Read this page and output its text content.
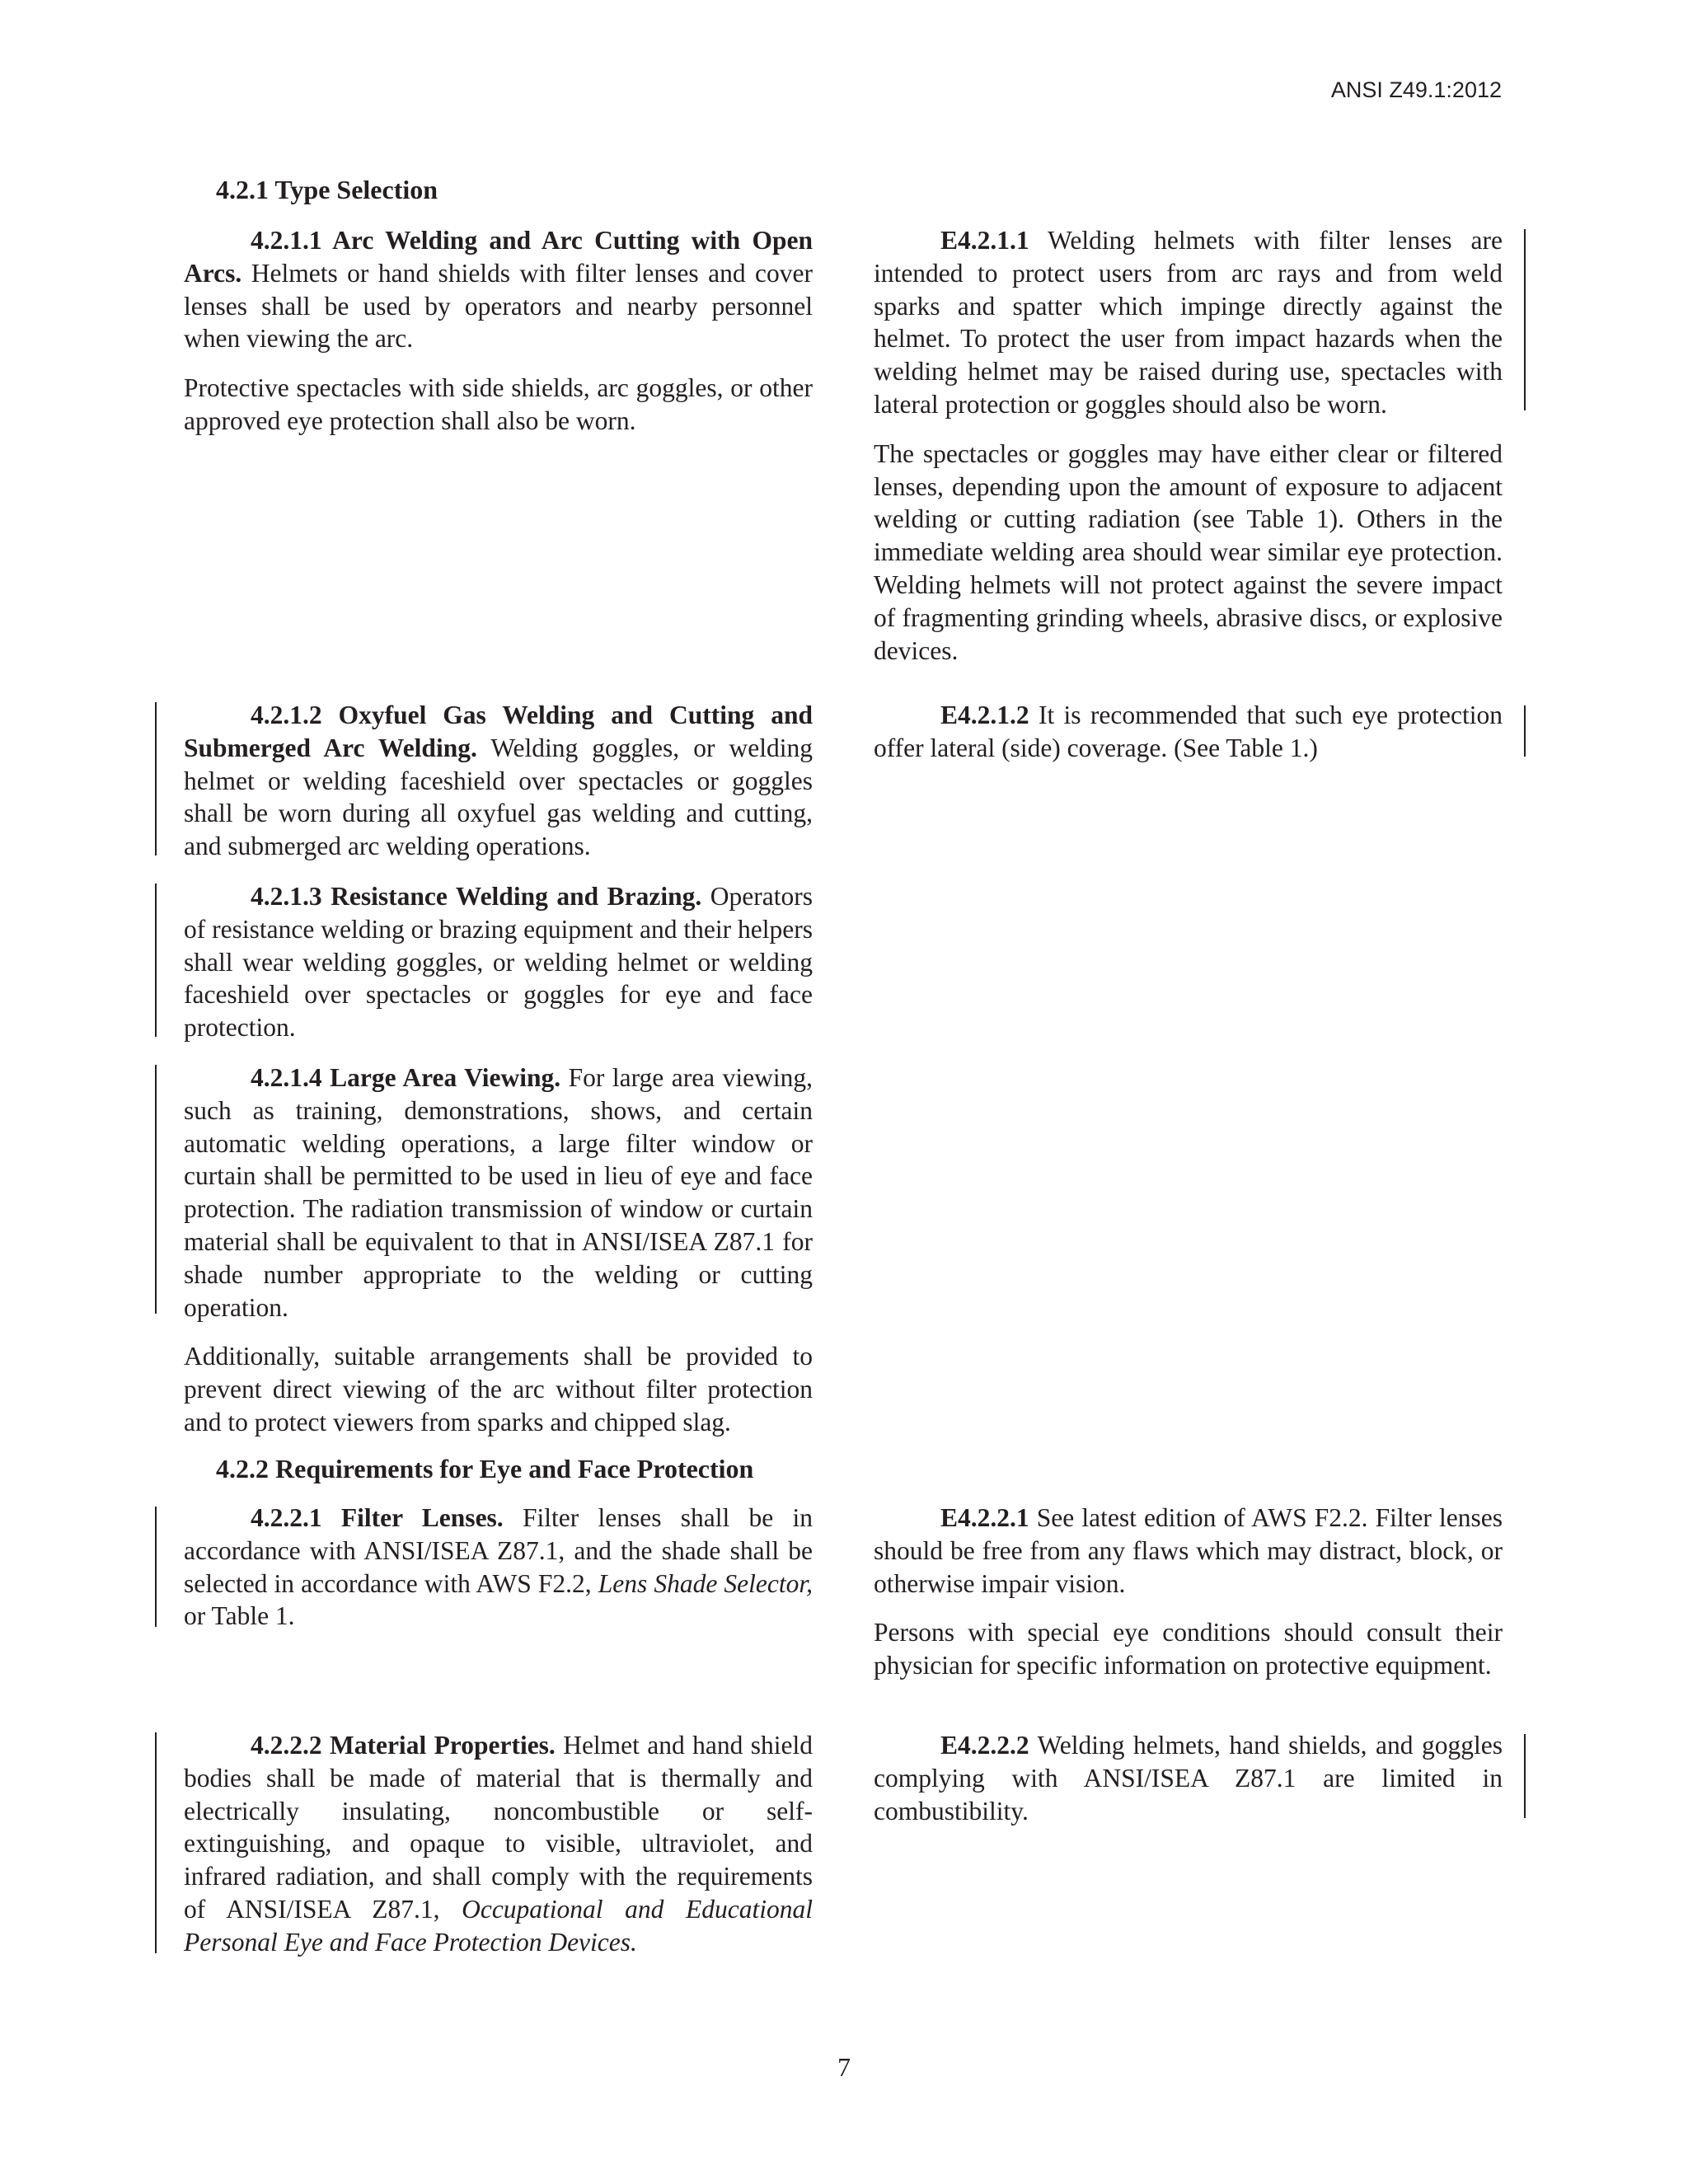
ANSI Z49.1:2012
4.2.1 Type Selection

4.2.1.1 Arc Welding and Arc Cutting with Open Arcs. Helmets or hand shields with filter lenses and cover lenses shall be used by operators and nearby personnel when viewing the arc.

Protective spectacles with side shields, arc goggles, or other approved eye protection shall also be worn.

E4.2.1.1 Welding helmets with filter lenses are intended to protect users from arc rays and from weld sparks and spatter which impinge directly against the helmet. To protect the user from impact hazards when the welding helmet may be raised during use, spectacles with lateral protection or goggles should also be worn.

The spectacles or goggles may have either clear or filtered lenses, depending upon the amount of exposure to adjacent welding or cutting radiation (see Table 1). Others in the immediate welding area should wear similar eye protection. Welding helmets will not protect against the severe impact of fragmenting grinding wheels, abrasive discs, or explosive devices.

4.2.1.2 Oxyfuel Gas Welding and Cutting and Submerged Arc Welding. Welding goggles, or welding helmet or welding faceshield over spectacles or goggles shall be worn during all oxyfuel gas welding and cutting, and submerged arc welding operations.

E4.2.1.2 It is recommended that such eye protection offer lateral (side) coverage. (See Table 1.)

4.2.1.3 Resistance Welding and Brazing. Operators of resistance welding or brazing equipment and their helpers shall wear welding goggles, or welding helmet or welding faceshield over spectacles or goggles for eye and face protection.

4.2.1.4 Large Area Viewing. For large area viewing, such as training, demonstrations, shows, and certain automatic welding operations, a large filter window or curtain shall be permitted to be used in lieu of eye and face protection. The radiation transmission of window or curtain material shall be equivalent to that in ANSI/ISEA Z87.1 for shade number appropriate to the welding or cutting operation.

Additionally, suitable arrangements shall be provided to prevent direct viewing of the arc without filter protection and to protect viewers from sparks and chipped slag.

4.2.2 Requirements for Eye and Face Protection

4.2.2.1 Filter Lenses. Filter lenses shall be in accordance with ANSI/ISEA Z87.1, and the shade shall be selected in accordance with AWS F2.2, Lens Shade Selector, or Table 1.

E4.2.2.1 See latest edition of AWS F2.2. Filter lenses should be free from any flaws which may distract, block, or otherwise impair vision.

Persons with special eye conditions should consult their physician for specific information on protective equipment.

4.2.2.2 Material Properties. Helmet and hand shield bodies shall be made of material that is thermally and electrically insulating, noncombustible or self-extinguishing, and opaque to visible, ultraviolet, and infrared radiation, and shall comply with the requirements of ANSI/ISEA Z87.1, Occupational and Educational Personal Eye and Face Protection Devices.

E4.2.2.2 Welding helmets, hand shields, and goggles complying with ANSI/ISEA Z87.1 are limited in combustibility.

7
